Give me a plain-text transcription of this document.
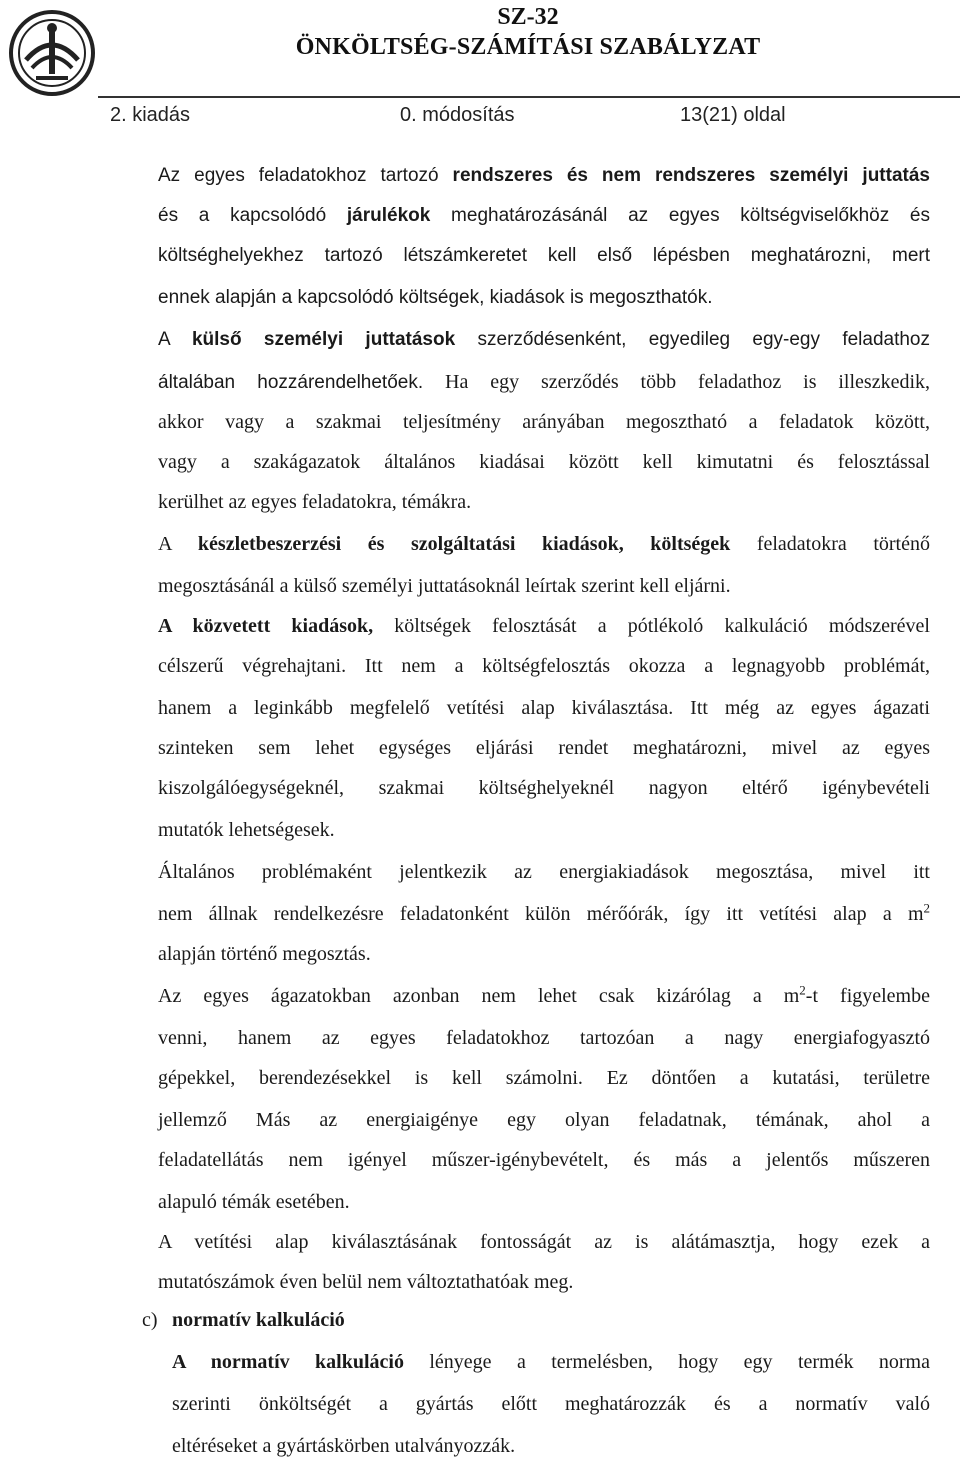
SZ-32
ÖNKÖLTSÉG-SZÁMÍTÁSI SZABÁLYZAT
2. kiadás	0. módosítás	13(21) oldal
Az egyes feladatokhoz tartozó rendszeres és nem rendszeres személyi juttatás
és a kapcsolódó járulékok meghatározásánál az egyes költségviselőkhöz és
költséghelyekhez tartozó létszámkeretet kell első lépésben meghatározni, mert
ennek alapján a kapcsolódó költségek, kiadások is megoszthatók.
A külső személyi juttatások szerződésenként, egyedileg egy-egy feladathoz
általában hozzárendelhetőek. Ha egy szerződés több feladathoz is illeszkedik,
akkor vagy a szakmai teljesítmény arányában megosztható a feladatok között,
vagy a szakágazatok általános kiadásai között kell kimutatni és felosztással
kerülhet az egyes feladatokra, témákra.
A készletbeszerzési és szolgáltatási kiadások, költségek feladatokra történő
megosztásánál a külső személyi juttatásoknál leírtak szerint kell eljárni.
A közvetett kiadások, költségek felosztását a pótlékoló kalkuláció módszerével
célszerű végrehajtani. Itt nem a költségfelosztás okozza a legnagyobb problémát,
hanem a leginkább megfelelő vetítési alap kiválasztása. Itt még az egyes ágazati
szinteken sem lehet egységes eljárási rendet meghatározni, mivel az egyes
kiszolgálóegységeknél, szakmai költséghelyeknél nagyon eltérő igénybevételi
mutatók lehetségesek.
Általános problémaként jelentkezik az energiakiadások megosztása, mivel itt
nem állnak rendelkezésre feladatonként külön mérőórák, így itt vetítési alap a $m^2$
alapján történő megosztás.
Az egyes ágazatokban azonban nem lehet csak kizárólag a $m^2-t$ figyelembe
venni, hanem az egyes feladatokhoz tartozóan a nagy energiafogyasztó
gépekkel, berendezésekkel is kell számolni. Ez döntően a kutatási, területre
jellemző Más az energiaigénye egy olyan feladatnak, témának, ahol a
feladatellátás nem igényel műszer-igénybevételt, és más a jelentős műszeren
alapuló témák esetében.
A vetítési alap kiválasztásának fontosságát az is alátámasztja, hogy ezek a
mutatószámok éven belül nem változtathatóak meg.
c) normatív kalkuláció
A normatív kalkuláció lényege a termelésben, hogy egy termék norma
szerinti önköltségét a gyártás előtt meghatározzák és a normatív való
eltéréseket a gyártáskörben utalványozzák.
